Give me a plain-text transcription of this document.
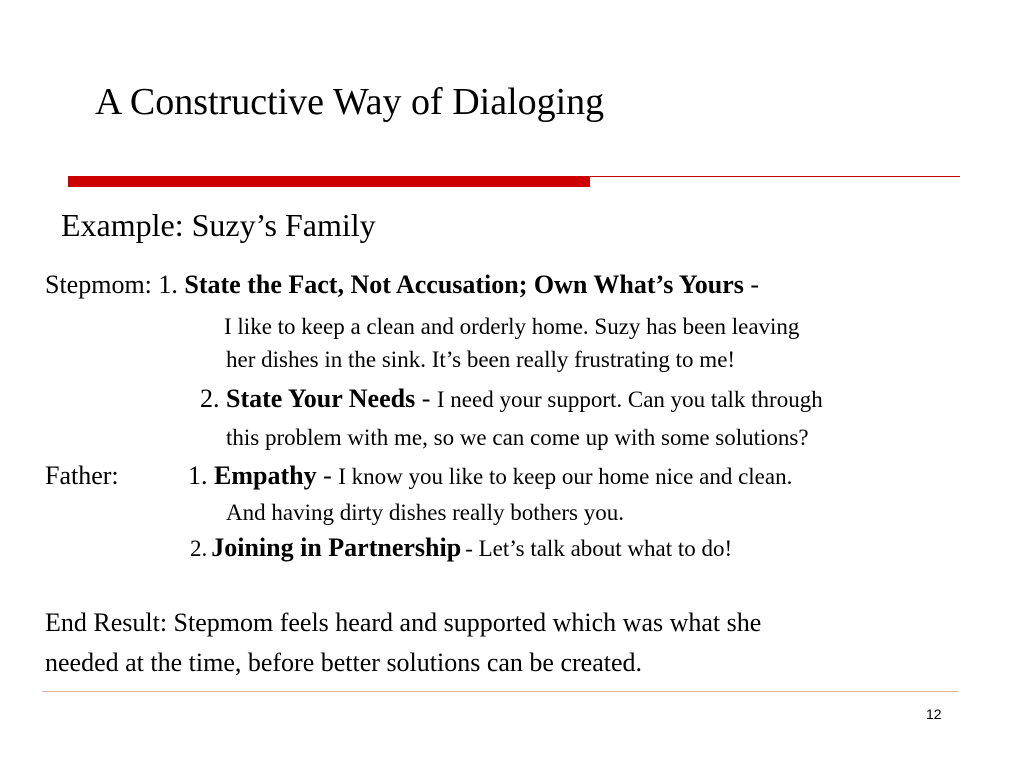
A Constructive Way of Dialoging
Example: Suzy’s Family
Stepmom: 1. State the Fact, Not Accusation; Own What’s Yours -
I like to keep a clean and orderly home. Suzy has been leaving
her dishes in the sink. It’s been really frustrating to me!
2. State Your Needs - I need your support. Can you talk through
this problem with me, so we can come up with some solutions?
Father:	1. Empathy - I know you like to keep our home nice and clean.
And having dirty dishes really bothers you.
2. Joining in Partnership - Let’s talk about what to do!
End Result: Stepmom feels heard and supported which was what she
needed at the time, before better solutions can be created.
12
